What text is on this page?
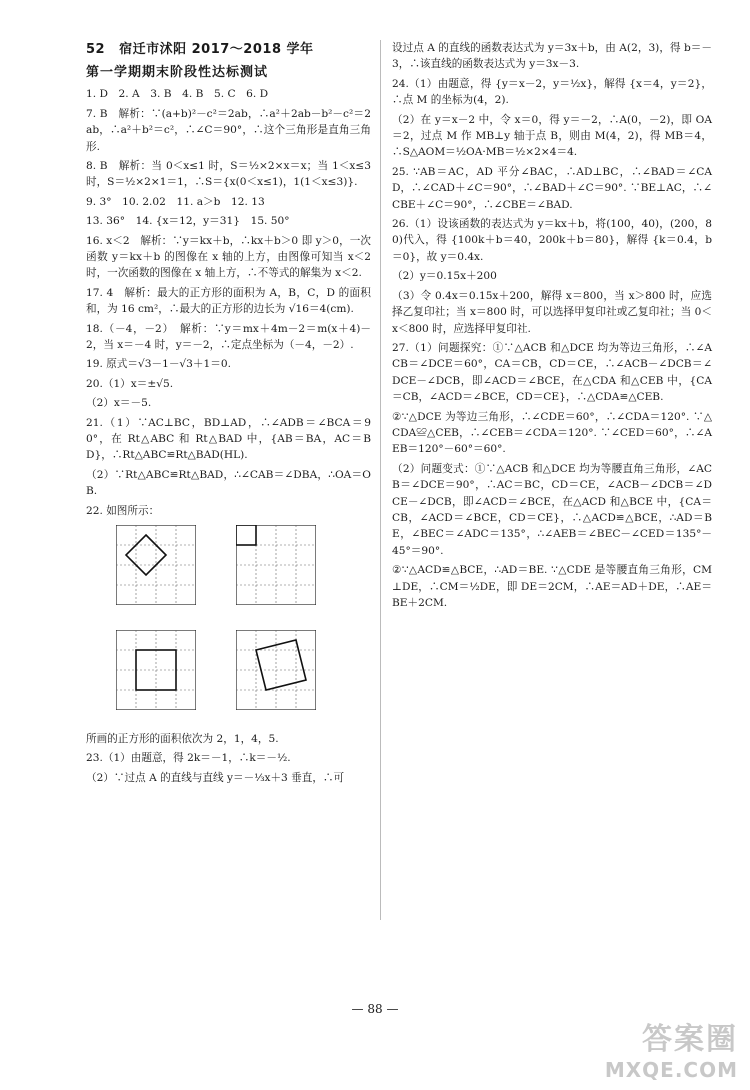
52 宿迁市沭阳 2017～2018 学年

第一学期期末阶段性达标测试

1. D　2. A　3. B　4. B　5. C　6. D

7. B　解析：∵(a+b)²－c²＝2ab，∴a²＋2ab－b²－c²＝2ab，∴a²＋b²＝c²，∴∠C＝90°，∴这个三角形是直角三角形.

8. B　解析：当 0＜x≤1 时，S＝½×2×x＝x；当 1＜x≤3 时，S＝½×2×1＝1，∴S＝{x(0＜x≤1)，1(1＜x≤3)}.

9. 3°　10. 2.02　11. a＞b　12. 13

13. 36°　14. {x＝12，y＝31}　15. 50°

16. x＜2　解析：∵y＝kx＋b，∴kx＋b＞0 即 y＞0，一次函数 y＝kx＋b 的图像在 x 轴的上方，由图像可知当 x＜2 时，一次函数的图像在 x 轴上方，∴不等式的解集为 x＜2.

17. 4　解析：最大的正方形的面积为 A，B，C，D 的面积和，为 16 cm²，∴最大的正方形的边长为 √16＝4(cm).

18.（－4，－2）　解析：∵y＝mx＋4m－2＝m(x＋4)－2，当 x＝－4 时，y＝－2，∴定点坐标为（－4，－2）.

19. 原式＝√3－1－√3＋1＝0.

20.（1）x＝±√5.

（2）x＝－5.

21.（1）∵AC⊥BC，BD⊥AD，∴∠ADB＝∠BCA＝90°，在 Rt△ABC 和 Rt△BAD 中，{AB＝BA，AC＝BD}，∴Rt△ABC≌Rt△BAD(HL).

（2）∵Rt△ABC≌Rt△BAD，∴∠CAB＝∠DBA，∴OA＝OB.

22. 如图所示：

所画的正方形的面积依次为 2，1，4，5.

23.（1）由题意，得 2k＝－1，∴k＝－½.

（2）∵过点 A 的直线与直线 y＝－⅓x＋3 垂直，∴可

设过点 A 的直线的函数表达式为 y＝3x＋b，由 A(2，3)，得 b＝－3，∴该直线的函数表达式为 y＝3x－3.

24.（1）由题意，得 {y＝x－2，y＝½x}，解得 {x＝4，y＝2}，∴点 M 的坐标为(4，2).

（2）在 y＝x－2 中，令 x＝0，得 y＝－2，∴A(0，－2)，即 OA＝2，过点 M 作 MB⊥y 轴于点 B，则由 M(4，2)，得 MB＝4，∴S△AOM＝½OA·MB＝½×2×4＝4.

25. ∵AB＝AC，AD 平分∠BAC，∴AD⊥BC，∴∠BAD＝∠CAD，∴∠CAD＋∠C＝90°，∴∠BAD＋∠C＝90°. ∵BE⊥AC，∴∠CBE＋∠C＝90°，∴∠CBE＝∠BAD.

26.（1）设该函数的表达式为 y＝kx＋b，将(100，40)，(200，80)代入，得 {100k＋b＝40，200k＋b＝80}，解得 {k＝0.4，b＝0}，故 y＝0.4x.

（2）y＝0.15x＋200

（3）令 0.4x＝0.15x＋200，解得 x＝800，当 x＞800 时，应选择乙复印社；当 x＝800 时，可以选择甲复印社或乙复印社；当 0＜x＜800 时，应选择甲复印社.

27.（1）问题探究：①∵△ACB 和△DCE 均为等边三角形，∴∠ACB＝∠DCE＝60°，CA＝CB，CD＝CE，∴∠ACB－∠DCB＝∠DCE－∠DCB，即∠ACD＝∠BCE，在△CDA 和△CEB 中，{CA＝CB，∠ACD＝∠BCE，CD＝CE}，∴△CDA≌△CEB.

②∵△DCE 为等边三角形，∴∠CDE＝60°，∴∠CDA＝120°. ∵△CDA≌△CEB，∴∠CEB＝∠CDA＝120°. ∵∠CED＝60°，∴∠AEB＝120°－60°＝60°.

（2）问题变式：①∵△ACB 和△DCE 均为等腰直角三角形，∠ACB＝∠DCE＝90°，∴AC＝BC，CD＝CE，∠ACB－∠DCB＝∠DCE－∠DCB，即∠ACD＝∠BCE，在△ACD 和△BCE 中，{CA＝CB，∠ACD＝∠BCE，CD＝CE}，∴△ACD≌△BCE，∴AD＝BE，∠BEC＝∠ADC＝135°，∴∠AEB＝∠BEC－∠CED＝135°－45°＝90°.

②∵△ACD≌△BCE，∴AD＝BE. ∵△CDE 是等腰直角三角形，CM⊥DE，∴CM＝½DE，即 DE＝2CM，∴AE＝AD＋DE，∴AE＝BE＋2CM.

— 88 —
答案圈
MXQE.COM
